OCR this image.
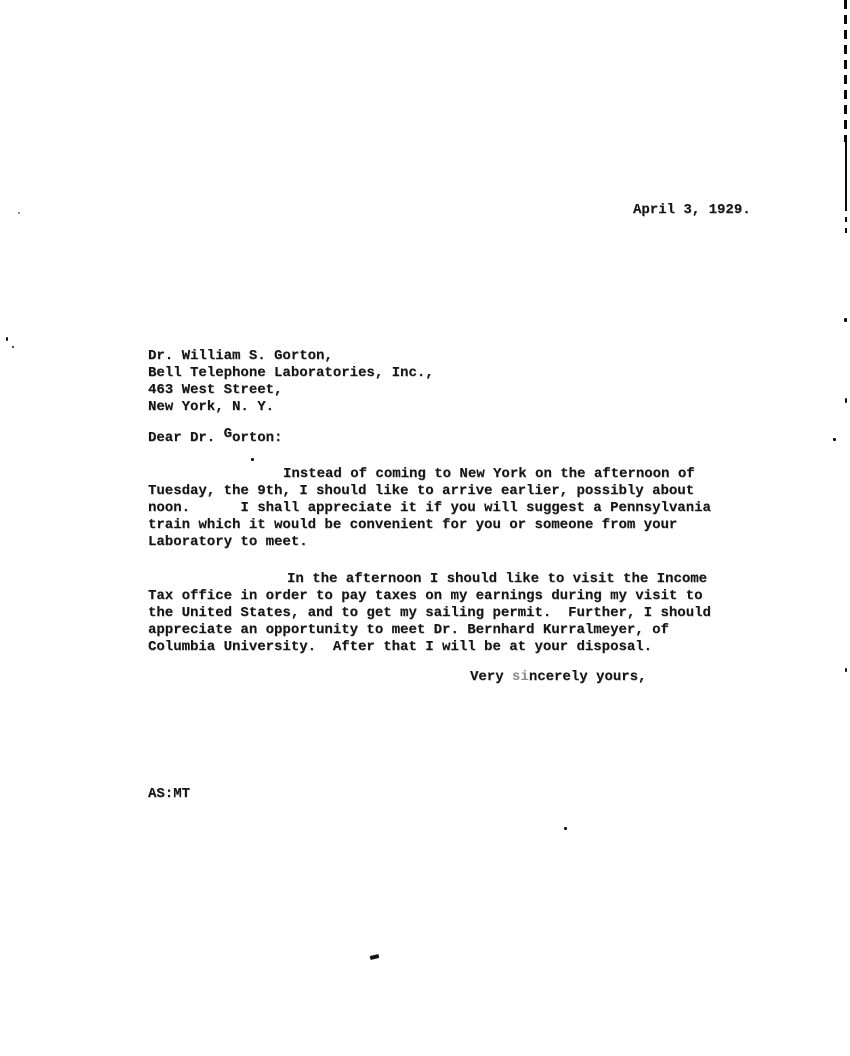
April 3, 1929.
Dr. William S. Gorton,
Bell Telephone Laboratories, Inc.,
463 West Street,
New York, N. Y.
Dear Dr. Gorton:
Instead of coming to New York on the afternoon of
Tuesday, the 9th, I should like to arrive earlier, possibly about
noon.      I shall appreciate it if you will suggest a Pennsylvania
train which it would be convenient for you or someone from your
Laboratory to meet.
In the afternoon I should like to visit the Income
Tax office in order to pay taxes on my earnings during my visit to
the United States, and to get my sailing permit.  Further, I should
appreciate an opportunity to meet Dr. Bernhard Kurralmeyer, of
Columbia University.  After that I will be at your disposal.
Very sincerely yours,
AS:MT
